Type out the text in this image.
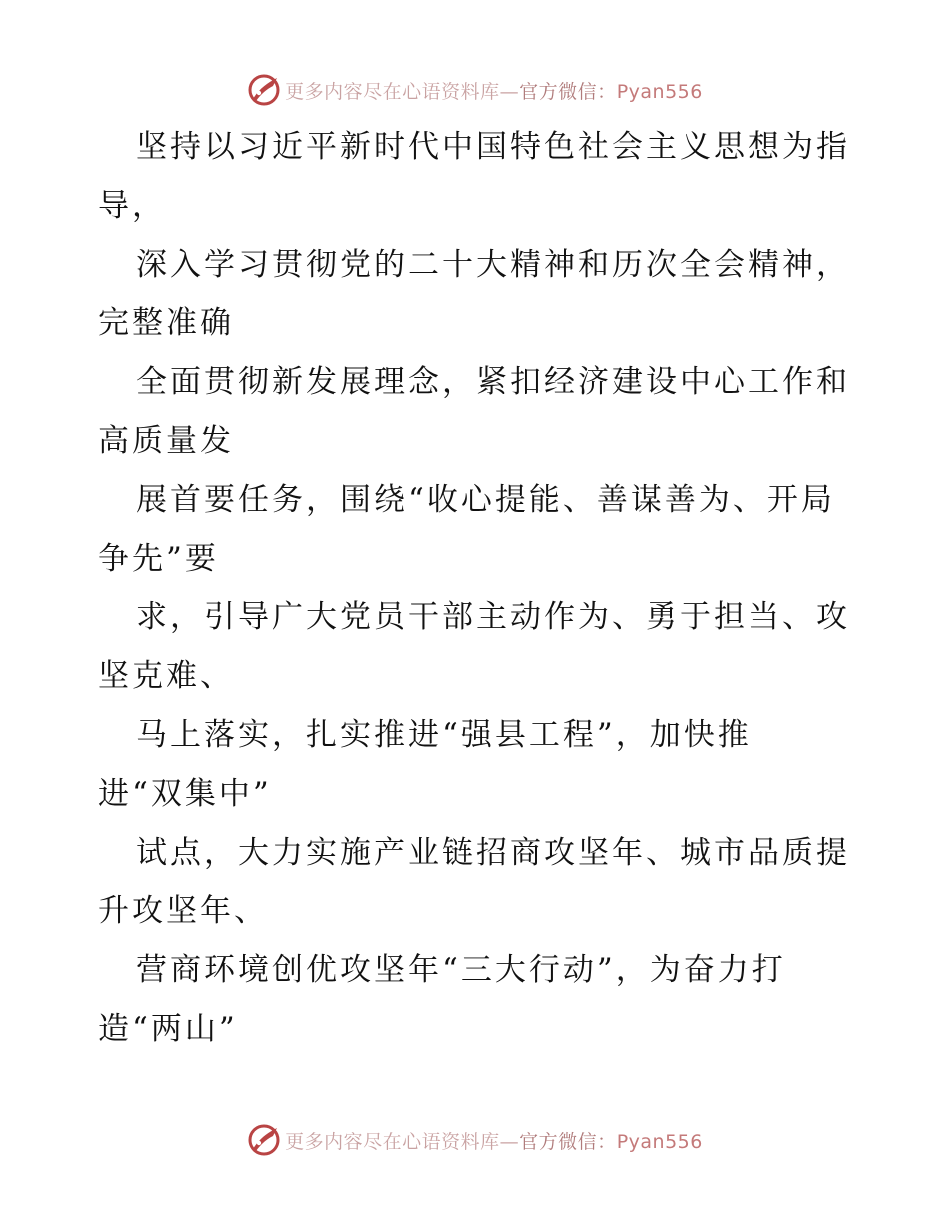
更多内容尽在心语资料库—官方微信：Pyan556
坚持以习近平新时代中国特色社会主义思想为指
导，
深入学习贯彻党的二十大精神和历次全会精神，
完整准确
全面贯彻新发展理念，紧扣经济建设中心工作和
高质量发
展首要任务，围绕“收心提能、善谋善为、开局
争先”要
求，引导广大党员干部主动作为、勇于担当、攻
坚克难、
马上落实，扎实推进“强县工程”，加快推
进“双集中”
试点，大力实施产业链招商攻坚年、城市品质提
升攻坚年、
营商环境创优攻坚年“三大行动”，为奋力打
造“两山”
更多内容尽在心语资料库—官方微信：Pyan556
